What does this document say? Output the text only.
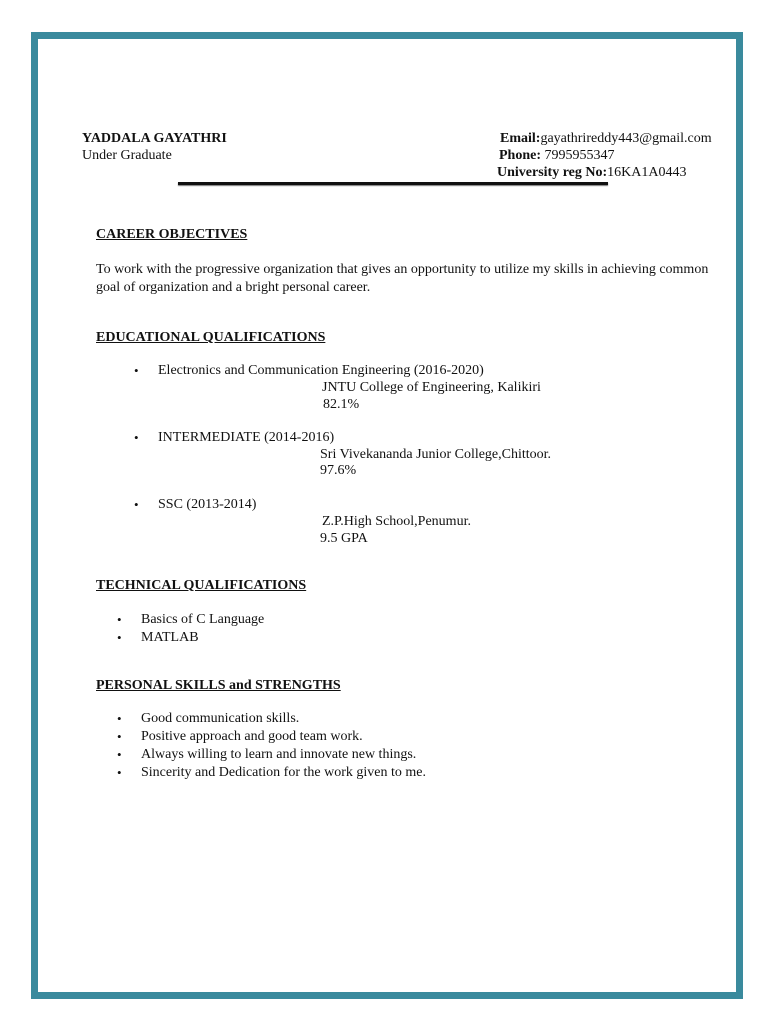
YADDALA GAYATHRI
Under Graduate
Email:gayathrireddy443@gmail.com
Phone: 7995955347
University reg No:16KA1A0443
CAREER OBJECTIVES
To work with the progressive organization that gives an opportunity to utilize my skills in achieving common goal of organization and a bright personal career.
EDUCATIONAL QUALIFICATIONS
• Electronics and Communication Engineering (2016-2020)
JNTU College of Engineering, Kalikiri
82.1%
• INTERMEDIATE (2014-2016)
Sri Vivekananda Junior College,Chittoor.
97.6%
• SSC (2013-2014)
Z.P.High School,Penumur.
9.5 GPA
TECHNICAL QUALIFICATIONS
• Basics of C Language
• MATLAB
PERSONAL SKILLS and STRENGTHS
• Good communication skills.
• Positive approach and good team work.
• Always willing to learn and innovate new things.
• Sincerity and Dedication for the work given to me.
